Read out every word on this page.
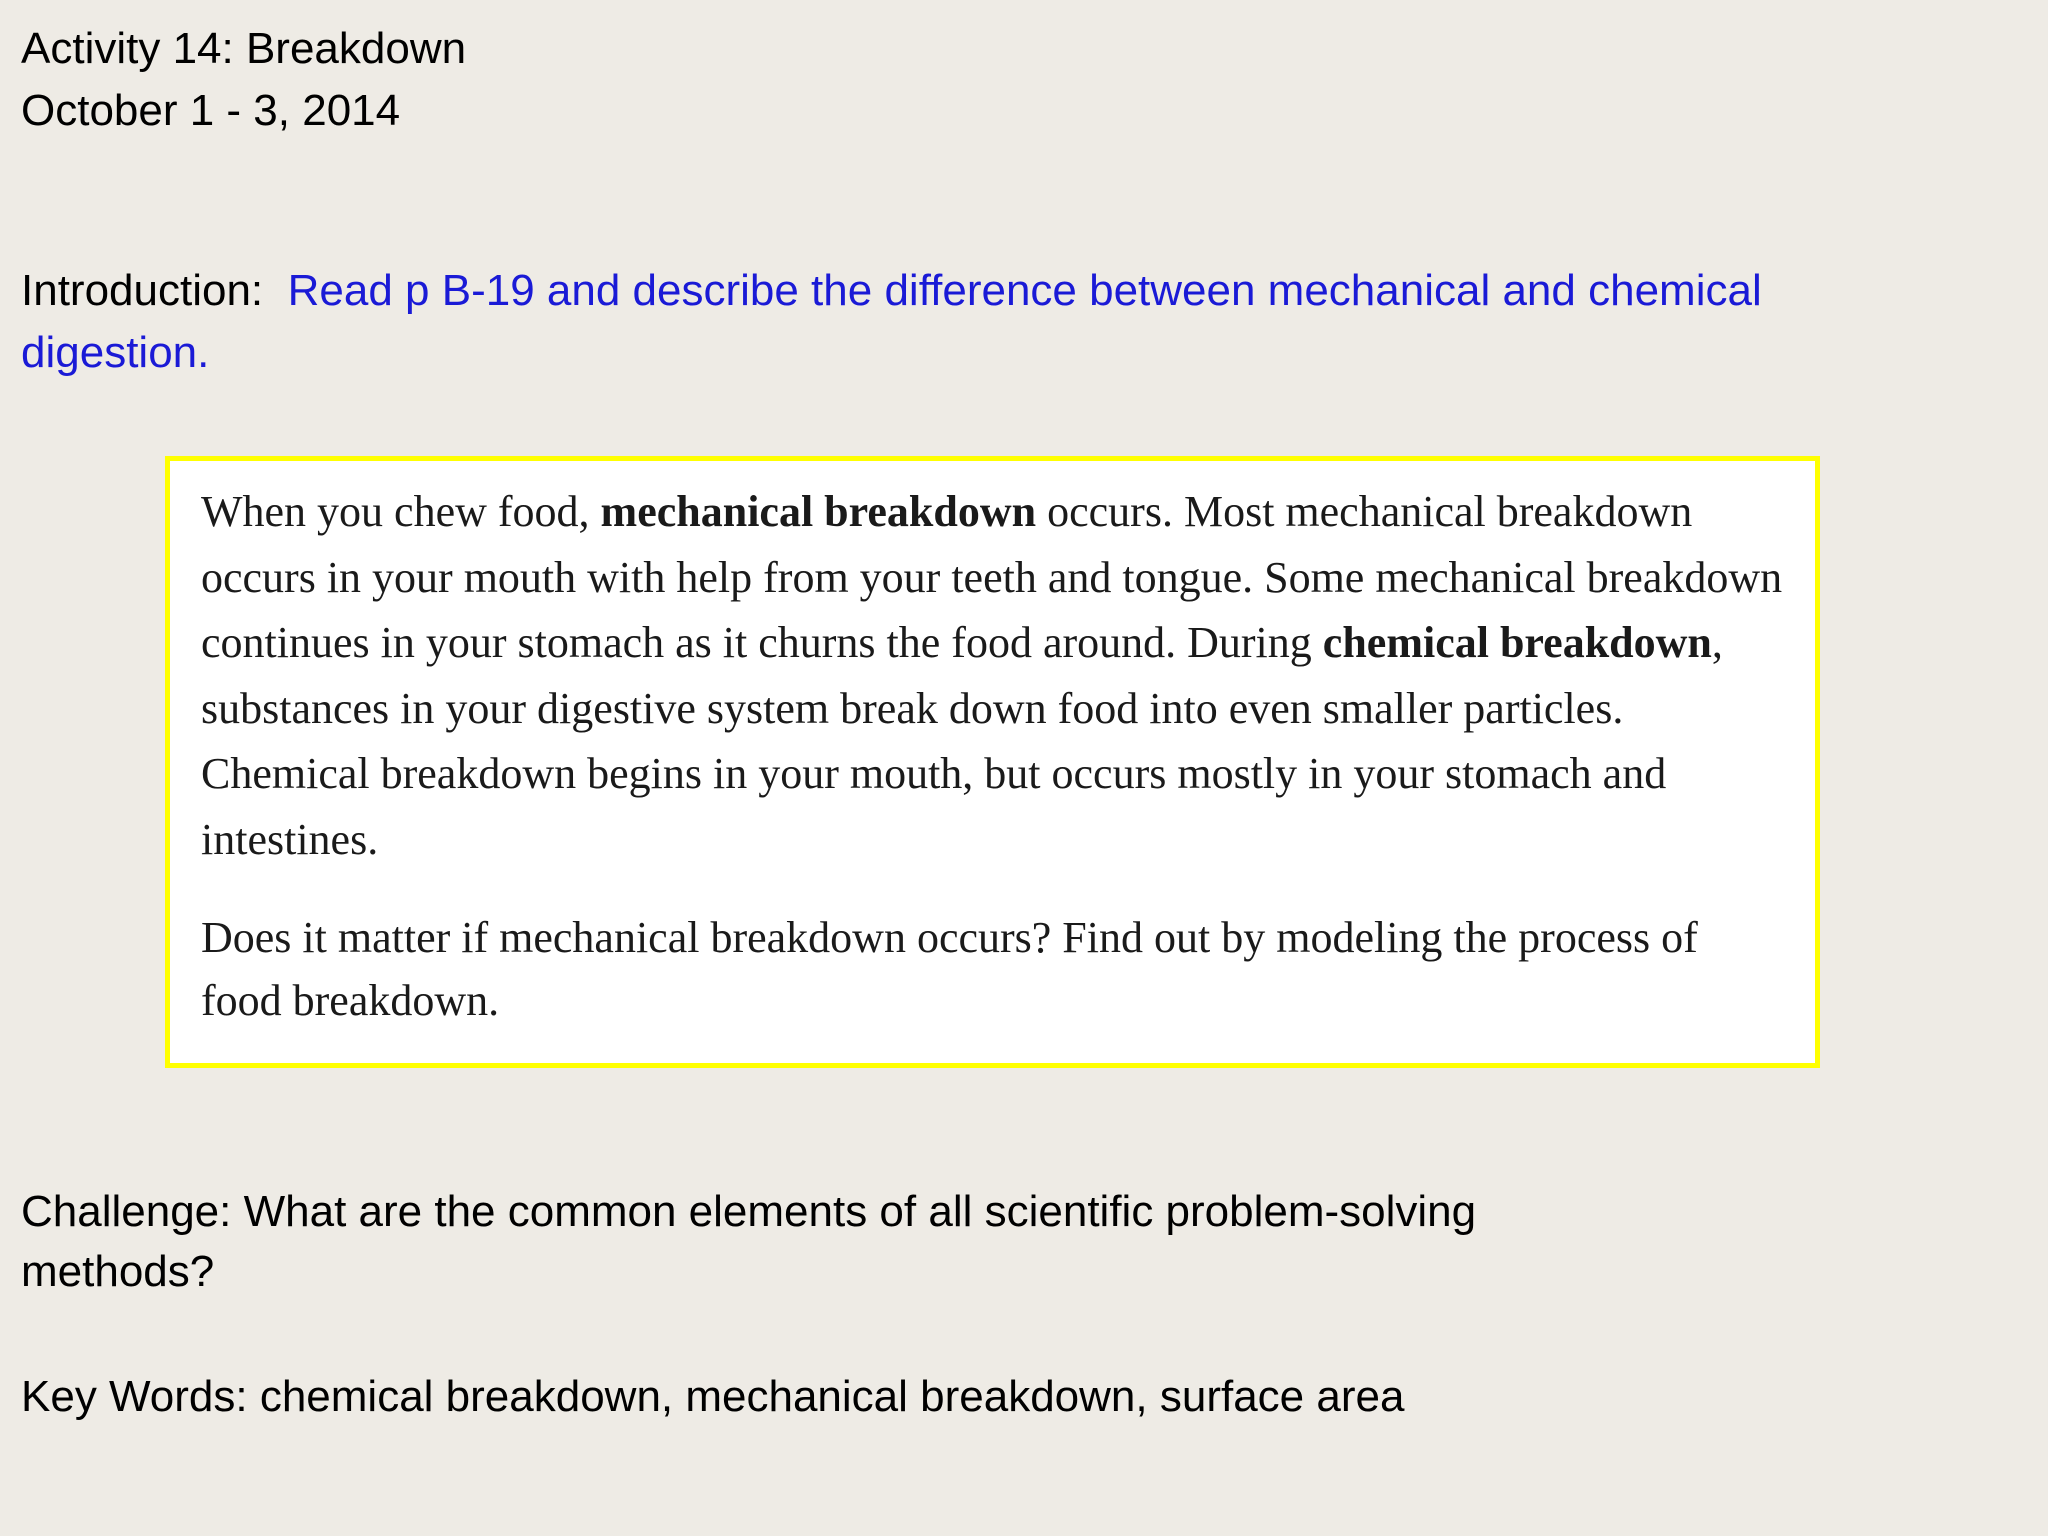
Activity 14: Breakdown
October 1 - 3, 2014
Introduction: Read p B-19 and describe the difference between mechanical and chemical digestion.

When you chew food, mechanical breakdown occurs. Most mechanical breakdown occurs in your mouth with help from your teeth and tongue. Some mechanical breakdown continues in your stomach as it churns the food around. During chemical breakdown, substances in your digestive system break down food into even smaller particles. Chemical breakdown begins in your mouth, but occurs mostly in your stomach and intestines.

Does it matter if mechanical breakdown occurs? Find out by modeling the process of food breakdown.

Challenge: What are the common elements of all scientific problem-solving methods?
Key Words: chemical breakdown, mechanical breakdown, surface area
